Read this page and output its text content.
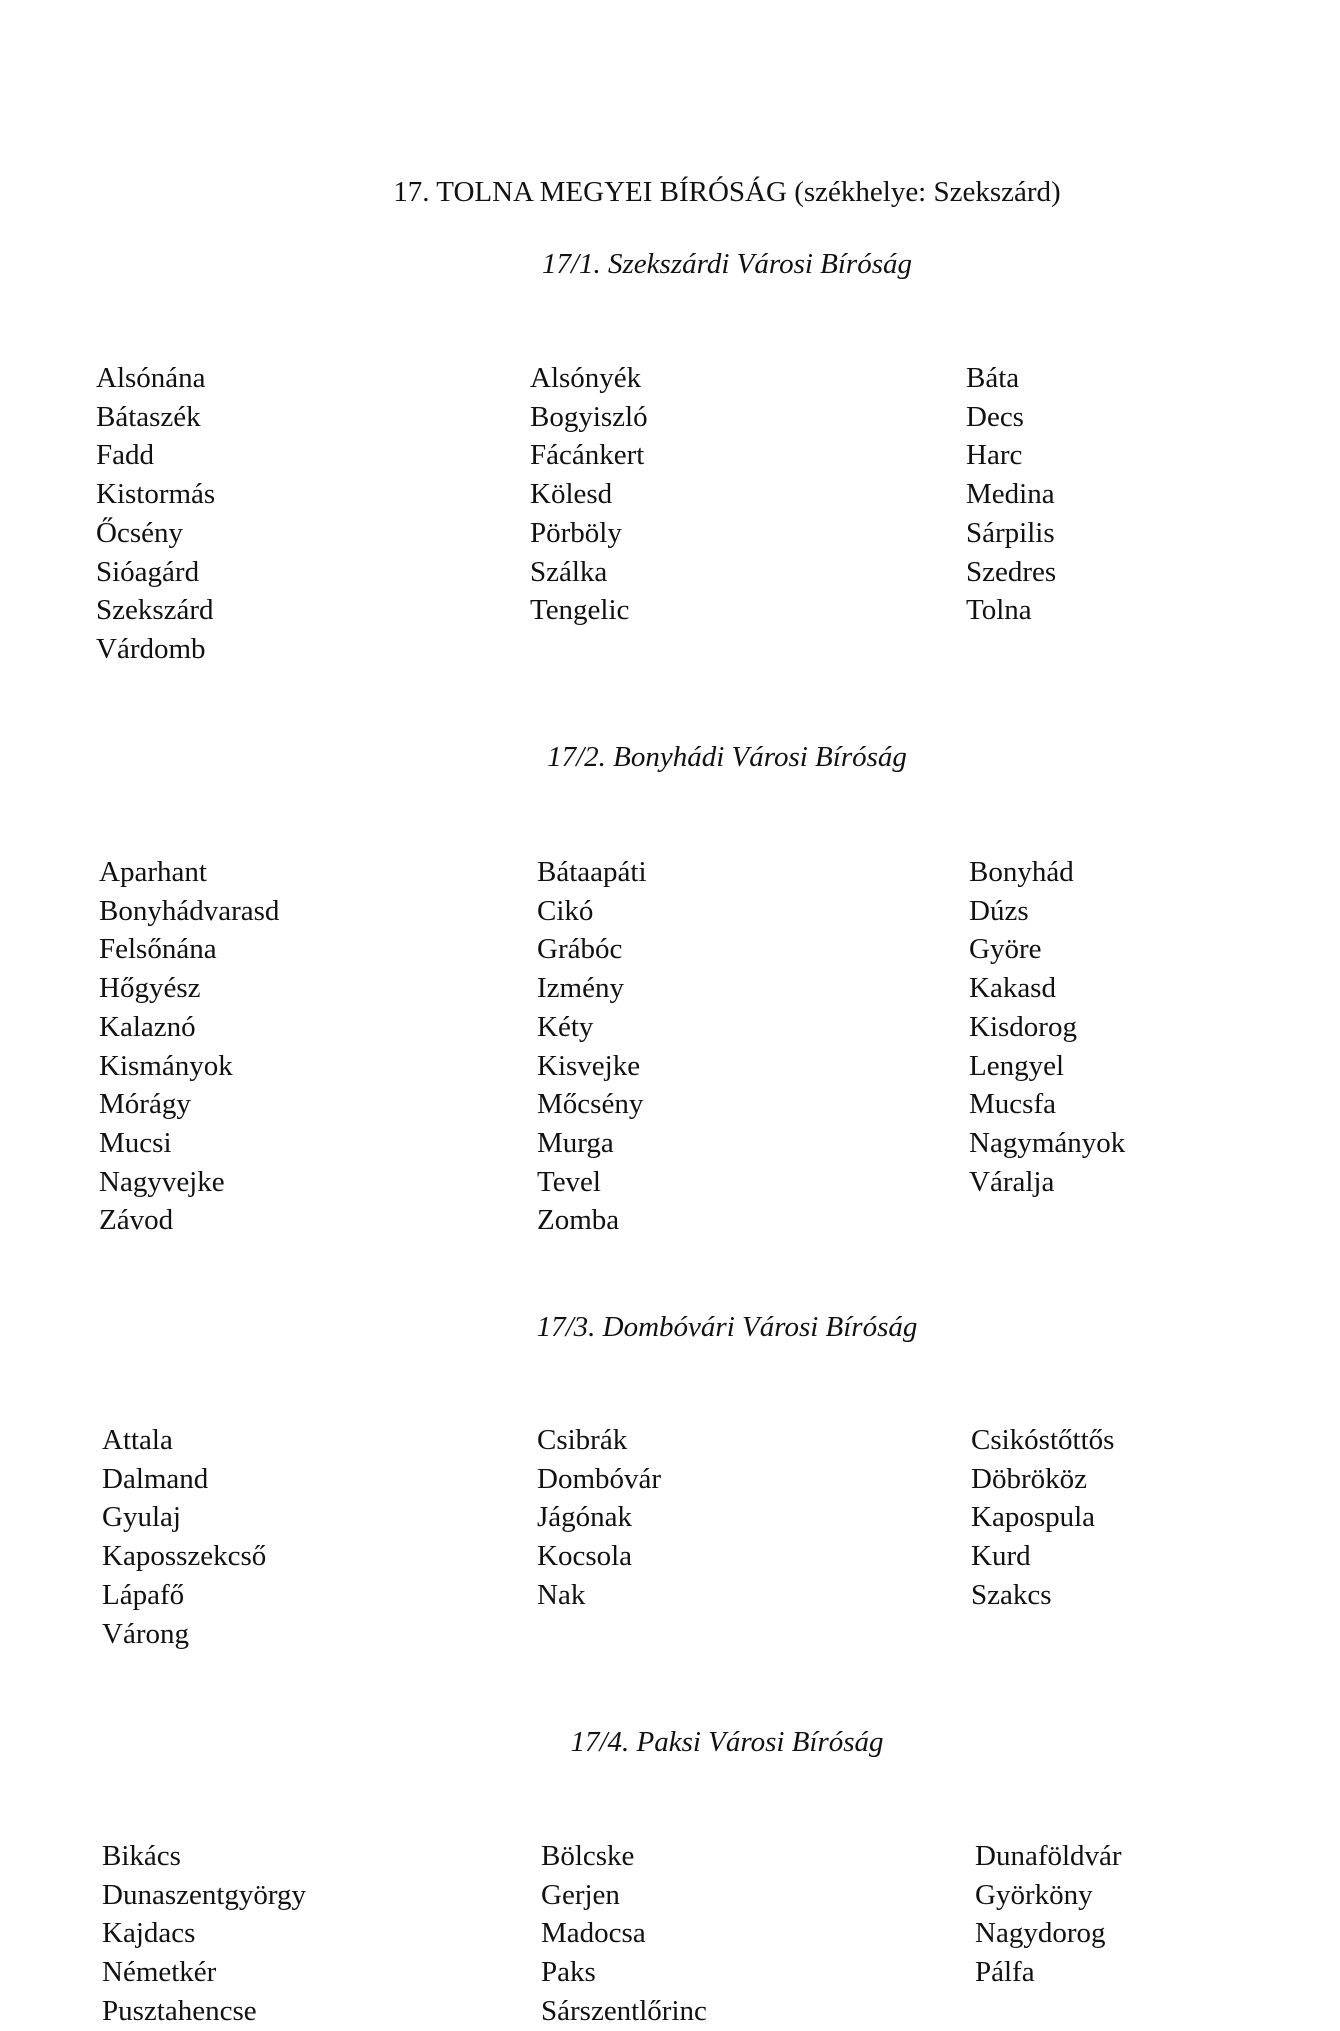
17. TOLNA MEGYEI BÍRÓSÁG (székhelye: Szekszárd)
17/1. Szekszárdi Városi Bíróság
Alsónána
Bátaszék
Fadd
Kistormás
Őcsény
Sióagárd
Szekszárd
Várdomb
Alsónyék
Bogyiszló
Fácánkert
Kölesd
Pörböly
Szálka
Tengelic
Báta
Decs
Harc
Medina
Sárpilis
Szedres
Tolna
17/2. Bonyhádi Városi Bíróság
Aparhant
Bonyhádvarasd
Felsőnána
Hőgyész
Kalaznó
Kismányok
Mórágy
Mucsi
Nagyvejke
Závod
Bátaapáti
Cikó
Grábóc
Izmény
Kéty
Kisvejke
Mőcsény
Murga
Tevel
Zomba
Bonyhád
Dúzs
Györe
Kakasd
Kisdorog
Lengyel
Mucsfa
Nagymányok
Váralja
17/3. Dombóvári Városi Bíróság
Attala
Dalmand
Gyulaj
Kaposszekcső
Lápafő
Várong
Csibrák
Dombóvár
Jágónak
Kocsola
Nak
Csikóstőttős
Döbrököz
Kapospula
Kurd
Szakcs
17/4. Paksi Városi Bíróság
Bikács
Dunaszentgyörgy
Kajdacs
Németkér
Pusztahencse
Bölcske
Gerjen
Madocsa
Paks
Sárszentlőrinc
Dunaföldvár
Györköny
Nagydorog
Pálfa
